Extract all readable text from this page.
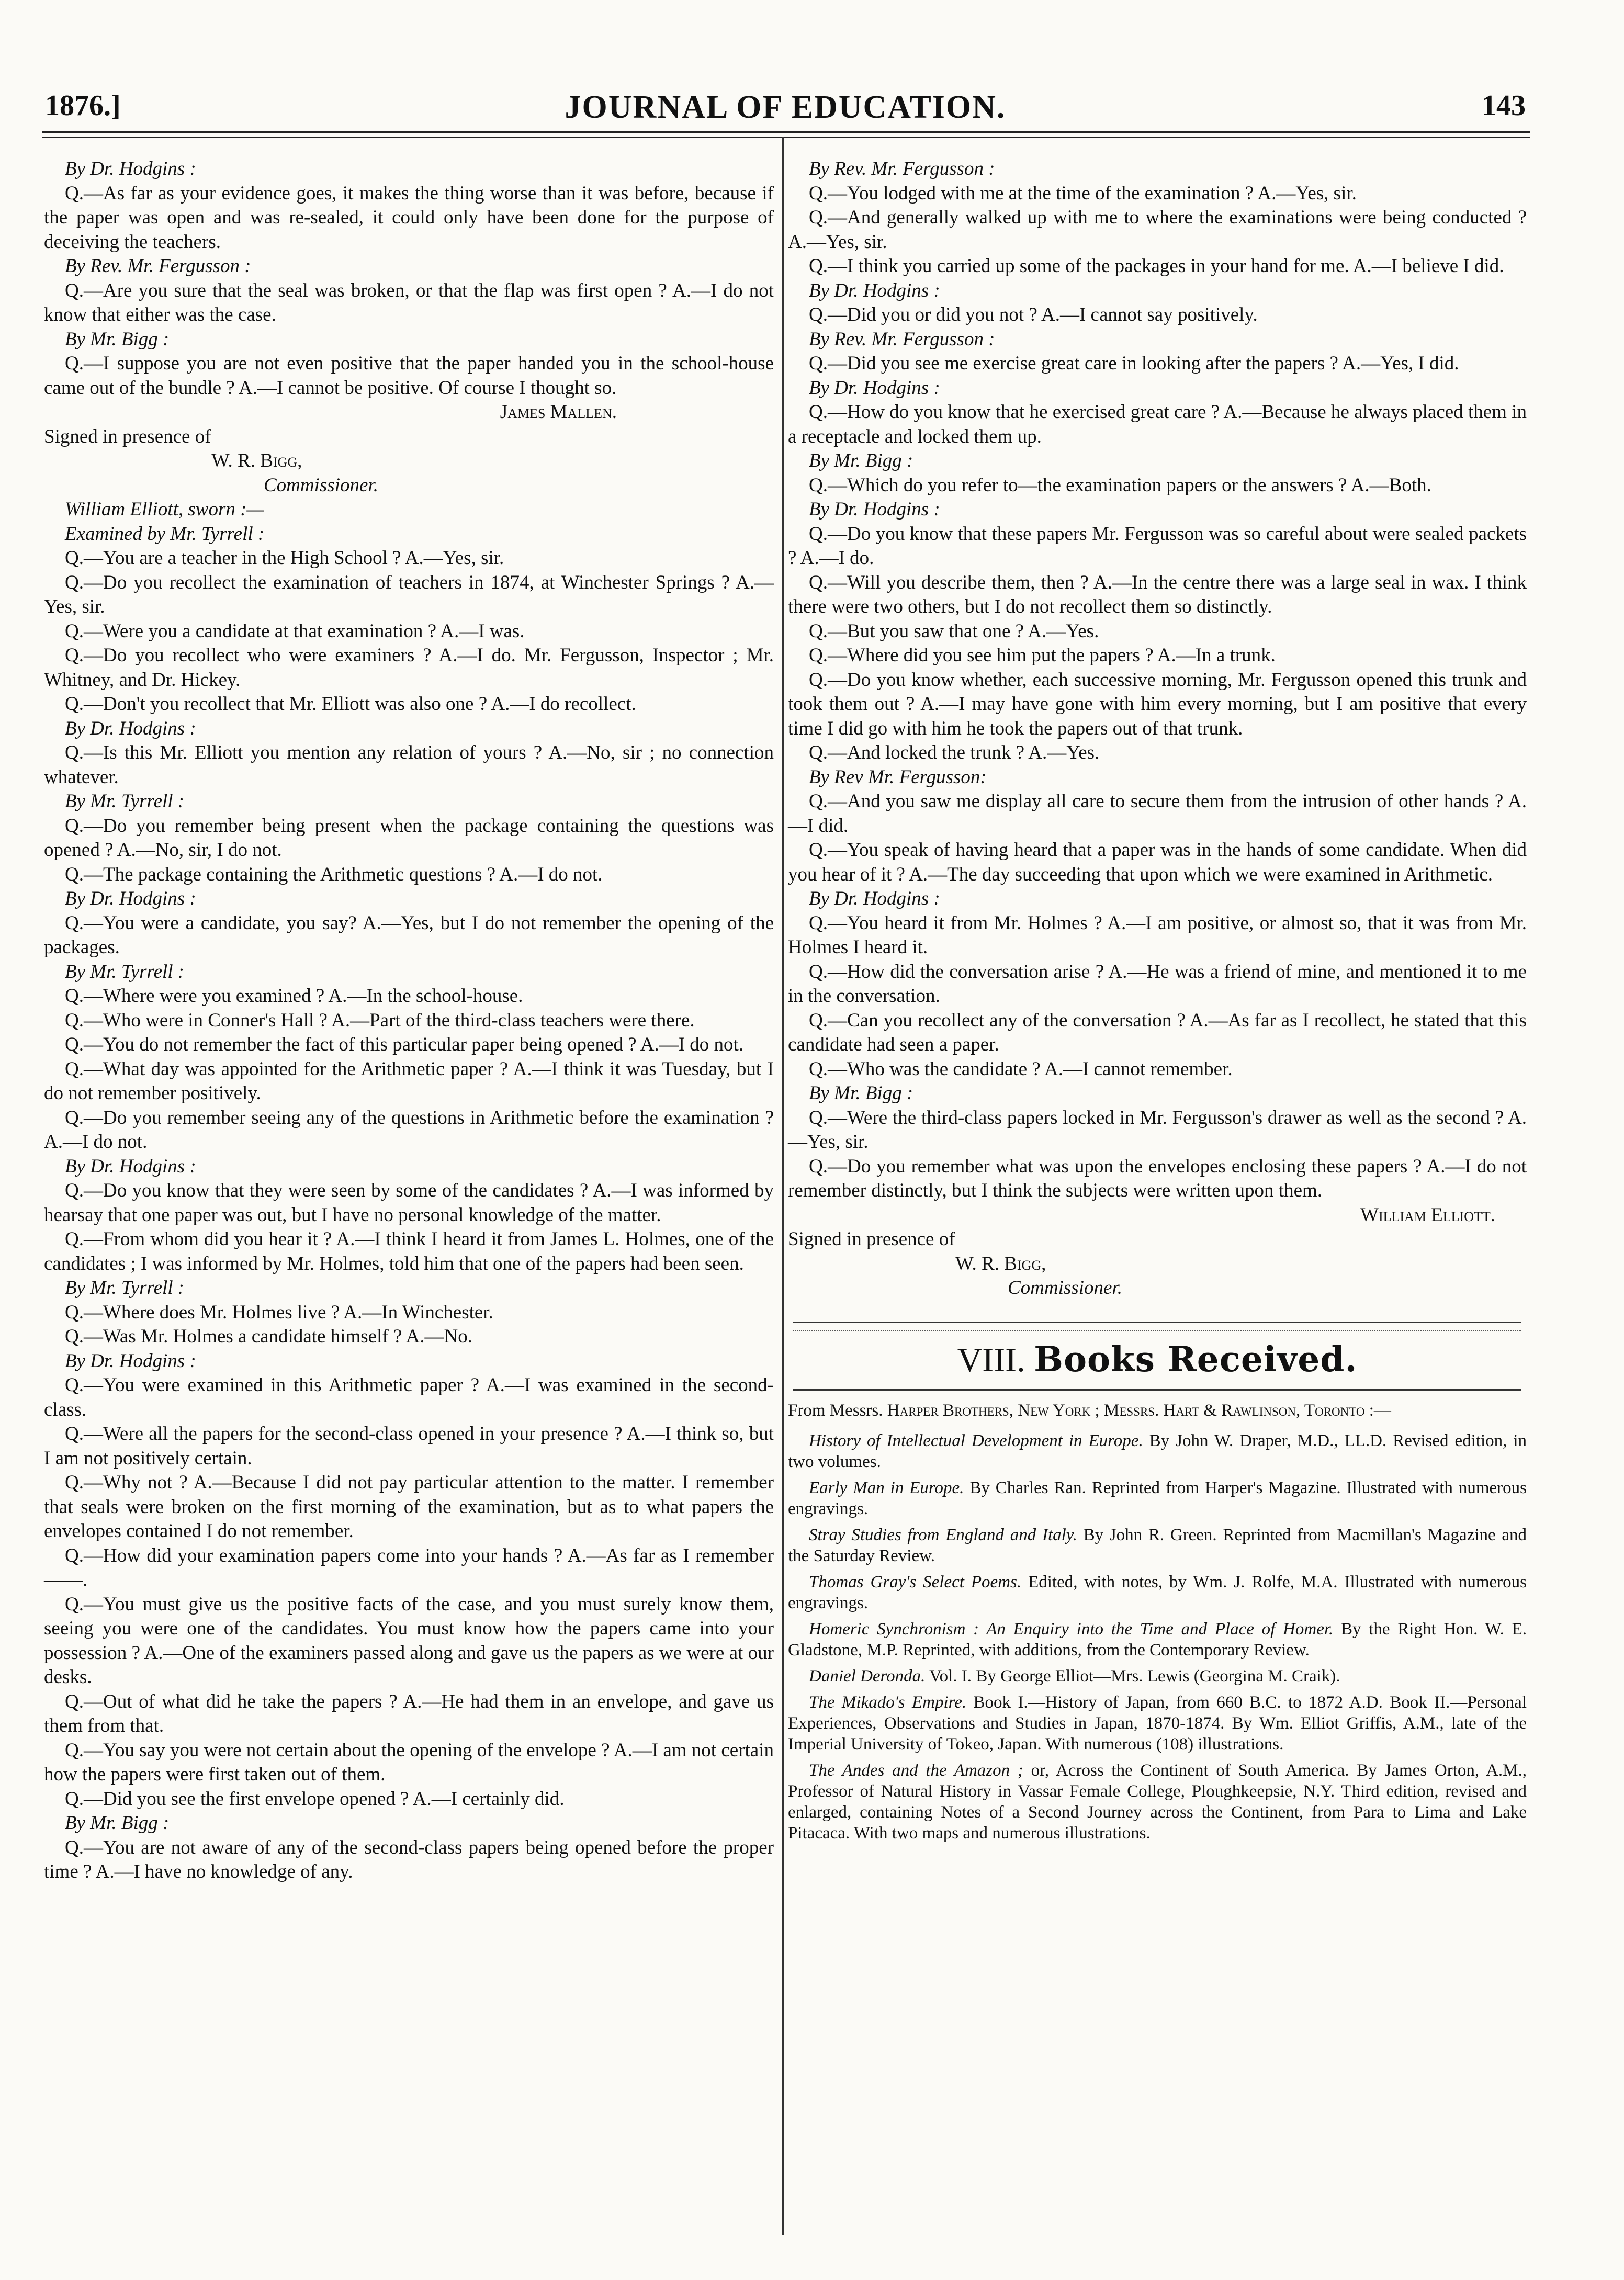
1876.]	JOURNAL OF EDUCATION.	143

By Dr. Hodgins :

Q.—As far as your evidence goes, it makes the thing worse than it was before, because if the paper was open and was re-sealed, it could only have been done for the purpose of deceiving the teachers.

By Rev. Mr. Fergusson :

Q.—Are you sure that the seal was broken, or that the flap was first open ? A.—I do not know that either was the case.

By Mr. Bigg :

Q.—I suppose you are not even positive that the paper handed you in the school-house came out of the bundle ? A.—I cannot be positive. Of course I thought so.

James Mallen.

Signed in presence of

W. R. Bigg,

Commissioner.

William Elliott, sworn :—

Examined by Mr. Tyrrell :

Q.—You are a teacher in the High School ? A.—Yes, sir.

Q.—Do you recollect the examination of teachers in 1874, at Winchester Springs ? A.—Yes, sir.

Q.—Were you a candidate at that examination ? A.—I was.

Q.—Do you recollect who were examiners ? A.—I do. Mr. Fergusson, Inspector ; Mr. Whitney, and Dr. Hickey.

Q.—Don't you recollect that Mr. Elliott was also one ? A.—I do recollect.

By Dr. Hodgins :

Q.—Is this Mr. Elliott you mention any relation of yours ? A.—No, sir ; no connection whatever.

By Mr. Tyrrell :

Q.—Do you remember being present when the package containing the questions was opened ? A.—No, sir, I do not.

Q.—The package containing the Arithmetic questions ? A.—I do not.

By Dr. Hodgins :

Q.—You were a candidate, you say? A.—Yes, but I do not remember the opening of the packages.

By Mr. Tyrrell :

Q.—Where were you examined ? A.—In the school-house.

Q.—Who were in Conner's Hall ? A.—Part of the third-class teachers were there.

Q.—You do not remember the fact of this particular paper being opened ? A.—I do not.

Q.—What day was appointed for the Arithmetic paper ? A.—I think it was Tuesday, but I do not remember positively.

Q.—Do you remember seeing any of the questions in Arithmetic before the examination ? A.—I do not.

By Dr. Hodgins :

Q.—Do you know that they were seen by some of the candidates ? A.—I was informed by hearsay that one paper was out, but I have no personal knowledge of the matter.

Q.—From whom did you hear it ? A.—I think I heard it from James L. Holmes, one of the candidates ; I was informed by Mr. Holmes, told him that one of the papers had been seen.

By Mr. Tyrrell :

Q.—Where does Mr. Holmes live ? A.—In Winchester.

Q.—Was Mr. Holmes a candidate himself ? A.—No.

By Dr. Hodgins :

Q.—You were examined in this Arithmetic paper ? A.—I was examined in the second-class.

Q.—Were all the papers for the second-class opened in your presence ? A.—I think so, but I am not positively certain.

Q.—Why not ? A.—Because I did not pay particular attention to the matter. I remember that seals were broken on the first morning of the examination, but as to what papers the envelopes contained I do not remember.

Q.—How did your examination papers come into your hands ? A.—As far as I remember——.

Q.—You must give us the positive facts of the case, and you must surely know them, seeing you were one of the candidates. You must know how the papers came into your possession ? A.—One of the examiners passed along and gave us the papers as we were at our desks.

Q.—Out of what did he take the papers ? A.—He had them in an envelope, and gave us them from that.

Q.—You say you were not certain about the opening of the envelope ? A.—I am not certain how the papers were first taken out of them.

Q.—Did you see the first envelope opened ? A.—I certainly did.

By Mr. Bigg :

Q.—You are not aware of any of the second-class papers being opened before the proper time ? A.—I have no knowledge of any.

By Rev. Mr. Fergusson :

Q.—You lodged with me at the time of the examination ? A.—Yes, sir.

Q.—And generally walked up with me to where the examinations were being conducted ? A.—Yes, sir.

Q.—I think you carried up some of the packages in your hand for me. A.—I believe I did.

By Dr. Hodgins :

Q.—Did you or did you not ? A.—I cannot say positively.

By Rev. Mr. Fergusson :

Q.—Did you see me exercise great care in looking after the papers ? A.—Yes, I did.

By Dr. Hodgins :

Q.—How do you know that he exercised great care ? A.—Because he always placed them in a receptacle and locked them up.

By Mr. Bigg :

Q.—Which do you refer to—the examination papers or the answers ? A.—Both.

By Dr. Hodgins :

Q.—Do you know that these papers Mr. Fergusson was so careful about were sealed packets ? A.—I do.

Q.—Will you describe them, then ? A.—In the centre there was a large seal in wax. I think there were two others, but I do not recollect them so distinctly.

Q.—But you saw that one ? A.—Yes.

Q.—Where did you see him put the papers ? A.—In a trunk.

Q.—Do you know whether, each successive morning, Mr. Fergusson opened this trunk and took them out ? A.—I may have gone with him every morning, but I am positive that every time I did go with him he took the papers out of that trunk.

Q.—And locked the trunk ? A.—Yes.

By Rev Mr. Fergusson:

Q.—And you saw me display all care to secure them from the intrusion of other hands ? A.—I did.

Q.—You speak of having heard that a paper was in the hands of some candidate. When did you hear of it ? A.—The day succeeding that upon which we were examined in Arithmetic.

By Dr. Hodgins :

Q.—You heard it from Mr. Holmes ? A.—I am positive, or almost so, that it was from Mr. Holmes I heard it.

Q.—How did the conversation arise ? A.—He was a friend of mine, and mentioned it to me in the conversation.

Q.—Can you recollect any of the conversation ? A.—As far as I recollect, he stated that this candidate had seen a paper.

Q.—Who was the candidate ? A.—I cannot remember.

By Mr. Bigg :

Q.—Were the third-class papers locked in Mr. Fergusson's drawer as well as the second ? A.—Yes, sir.

Q.—Do you remember what was upon the envelopes enclosing these papers ? A.—I do not remember distinctly, but I think the subjects were written upon them.

William Elliott.

Signed in presence of

W. R. Bigg,

Commissioner.

VIII. Books Received.

From Messrs. Harper Brothers, New York ; Messrs. Hart & Rawlinson, Toronto :—

History of Intellectual Development in Europe. By John W. Draper, M.D., LL.D. Revised edition, in two volumes.

Early Man in Europe. By Charles Ran. Reprinted from Harper's Magazine. Illustrated with numerous engravings.

Stray Studies from England and Italy. By John R. Green. Reprinted from Macmillan's Magazine and the Saturday Review.

Thomas Gray's Select Poems. Edited, with notes, by Wm. J. Rolfe, M.A. Illustrated with numerous engravings.

Homeric Synchronism : An Enquiry into the Time and Place of Homer. By the Right Hon. W. E. Gladstone, M.P. Reprinted, with additions, from the Contemporary Review.

Daniel Deronda. Vol. I. By George Elliot—Mrs. Lewis (Georgina M. Craik).

The Mikado's Empire. Book I.—History of Japan, from 660 B.C. to 1872 A.D. Book II.—Personal Experiences, Observations and Studies in Japan, 1870-1874. By Wm. Elliot Griffis, A.M., late of the Imperial University of Tokeo, Japan. With numerous (108) illustrations.

The Andes and the Amazon ; or, Across the Continent of South America. By James Orton, A.M., Professor of Natural History in Vassar Female College, Ploughkeepsie, N.Y. Third edition, revised and enlarged, containing Notes of a Second Journey across the Continent, from Para to Lima and Lake Pitacaca. With two maps and numerous illustrations.
